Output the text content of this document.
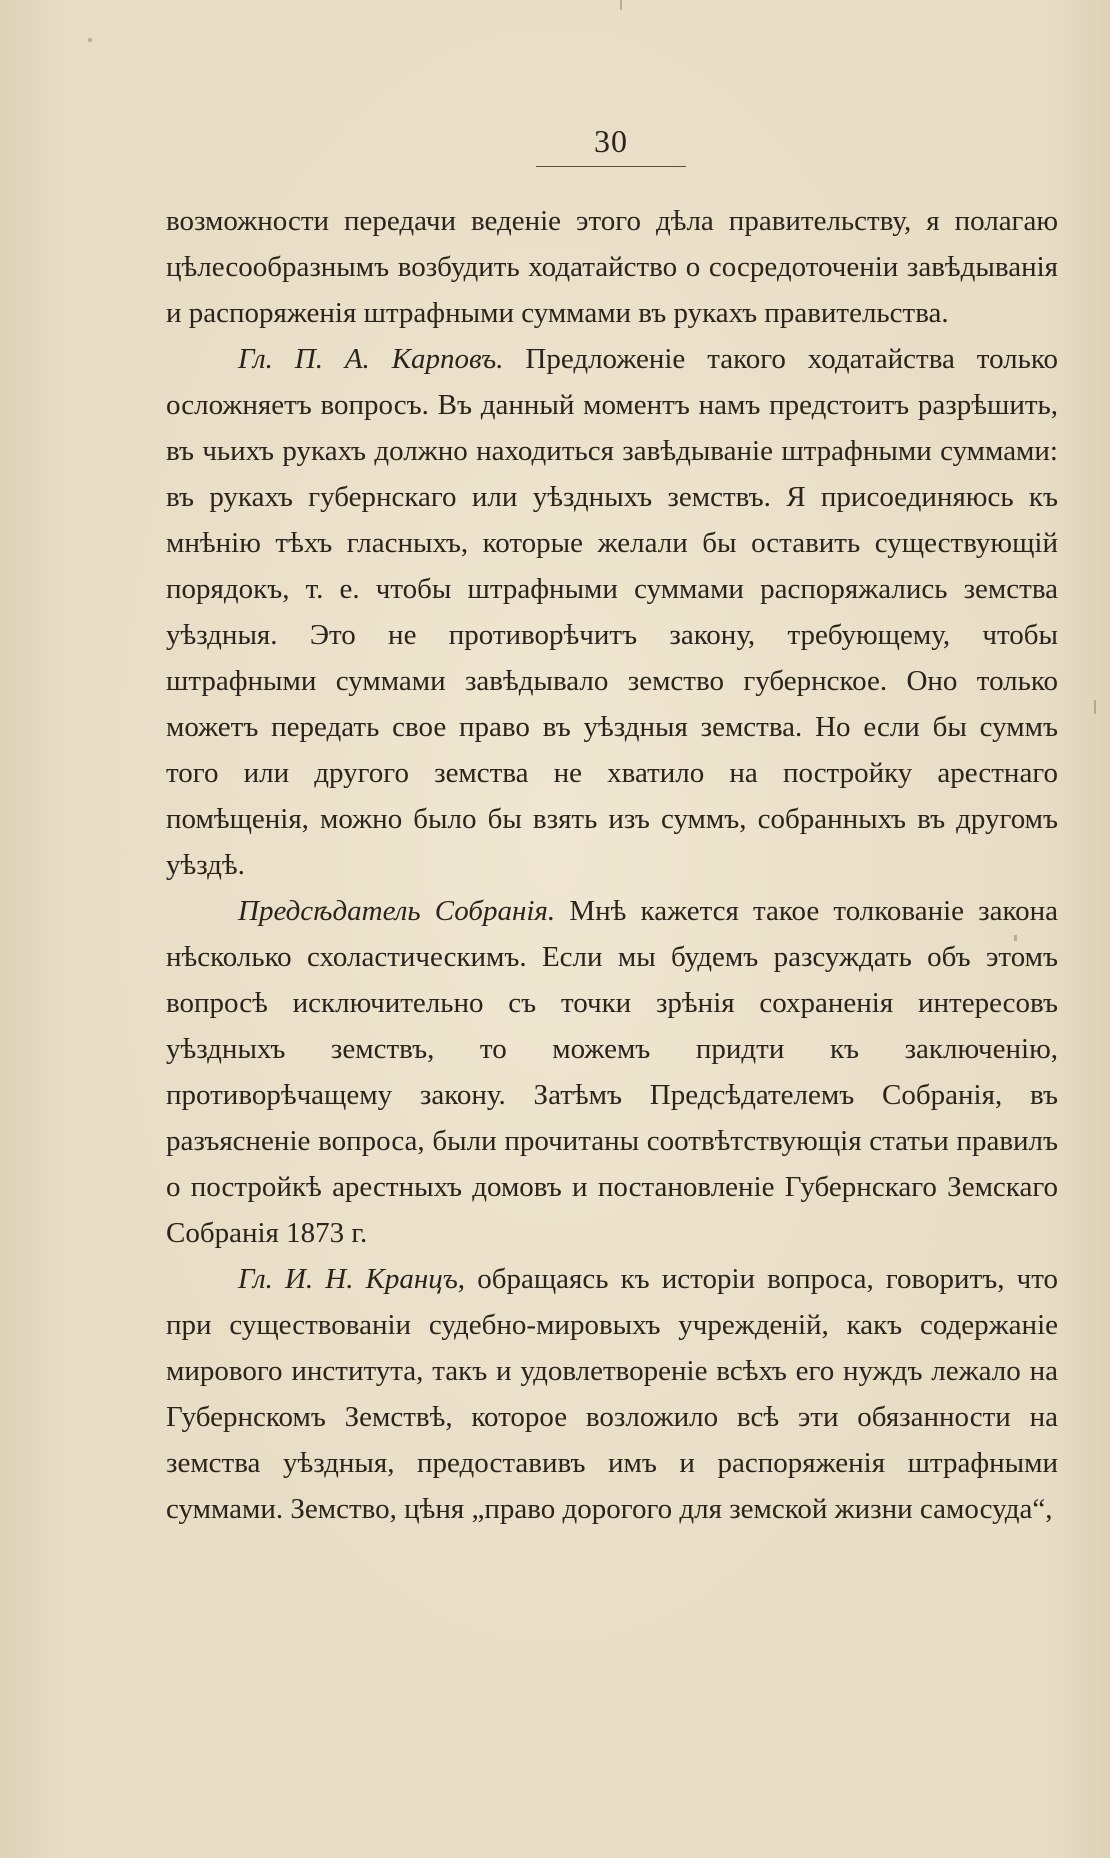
30

возможности передачи веденіе этого дѣла правительству, я полагаю цѣлесообразнымъ возбудить ходатайство о сосредоточеніи завѣдыванія и распоряженія штрафными суммами въ рукахъ правительства.

Гл. П. А. Карповъ. Предложеніе такого ходатайства только осложняетъ вопросъ. Въ данный моментъ намъ предстоитъ разрѣшить, въ чьихъ рукахъ должно находиться завѣдываніе штрафными суммами: въ рукахъ губернскаго или уѣздныхъ земствъ. Я присоединяюсь къ мнѣнію тѣхъ гласныхъ, которые желали бы оставить существующій порядокъ, т. е. чтобы штрафными суммами распоряжались земства уѣздныя. Это не противорѣчитъ закону, требующему, чтобы штрафными суммами завѣдывало земство губернское. Оно только можетъ передать свое право въ уѣздныя земства. Но если бы суммъ того или другого земства не хватило на постройку арестнаго помѣщенія, можно было бы взять изъ суммъ, собранныхъ въ другомъ уѣздѣ.

Предсѣдатель Собранія. Мнѣ кажется такое толкованіе закона нѣсколько схоластическимъ. Если мы будемъ разсуждать объ этомъ вопросѣ исключительно съ точки зрѣнія сохраненія интересовъ уѣздныхъ земствъ, то можемъ придти къ заключенію, противорѣчащему закону. Затѣмъ Предсѣдателемъ Собранія, въ разъясненіе вопроса, были прочитаны соотвѣтствующія статьи правилъ о постройкѣ арестныхъ домовъ и постановленіе Губернскаго Земскаго Собранія 1873 г.

Гл. И. Н. Кранцъ, обращаясь къ исторіи вопроса, говоритъ, что при существованіи судебно-мировыхъ учрежденій, какъ содержаніе мирового института, такъ и удовлетвореніе всѣхъ его нуждъ лежало на Губернскомъ Земствѣ, которое возложило всѣ эти обязанности на земства уѣздныя, предоставивъ имъ и распоряженія штрафными суммами. Земство, цѣня „право дорогого для земской жизни самосуда“,
